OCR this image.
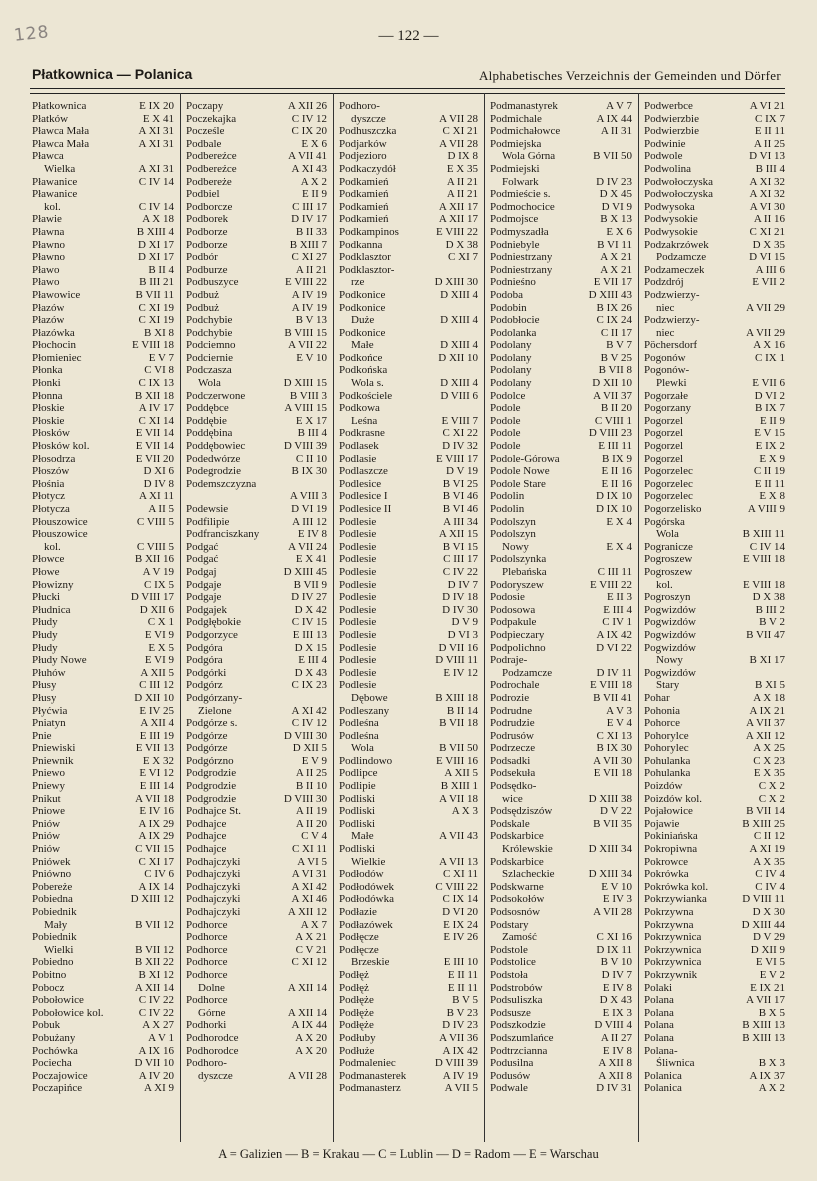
128	— 122 —
Płatkownica — Polanica	Alphabetisches Verzeichnis der Gemeinden und Dörfer
Płatkownica	E IX 20
Płatków	E X 41
Pławca Mała	A XI 31
Pławca Mała	A XI 31
Pławca
Wielka	A XI 31
Pławanice	C IV 14
Pławanice
kol.	C IV 14
Pławie	A X 18
Pławna	B XIII 4
Pławno	D XI 17
Pławno	D XI 17
Pławo	B II 4
Pławo	B III 21
Pławowice	B VII 11
Płazów	C XI 19
Płazów	C XI 19
Płazówka	B XI 8
Płochocin	E VIII 18
Płomieniec	E V 7
Płonka	C VI 8
Płonki	C IX 13
Płonna	B XII 18
Płoskie	A IV 17
Płoskie	C XI 14
Płosków	E VII 14
Płosków kol.	E VII 14
Płosodrza	E VII 20
Płoszów	D XI 6
Płośnia	D IV 8
Płotycz	A XI 11
Płotycza	A II 5
Płouszowice	C VIII 5
Płouszowice
kol.	C VIII 5
Płowce	B XII 16
Płowe	A V 19
Płowizny	C IX 5
Płucki	D VIII 17
Płudnica	D XII 6
Płudy	C X 1
Płudy	E VI 9
Płudy	E X 5
Płudy Nowe	E VI 9
Płuhów	A XII 5
Płusy	C III 12
Płusy	D XII 10
Płyćwia	E IV 25
Pniatyn	A XII 4
Pnie	E III 19
Pniewiski	E VII 13
Pniewnik	E X 32
Pniewo	E VI 12
Pniewy	E III 14
Pnikut	A VII 18
Pniowe	E IV 16
Pniów	A IX 29
Pniów	A IX 29
Pniów	C VII 15
Pniówek	C XI 17
Pniówno	C IV 6
Pobereże	A IX 14
Pobiedna	D XIII 12
Pobiednik
Mały	B VII 12
Pobiednik
Wielki	B VII 12
Pobiedno	B XII 22
Pobitno	B XI 12
Pobocz	A XII 14
Pobołowice	C IV 22
Pobołowice kol.	C IV 22
Pobuk	A X 27
Pobużany	A V 1
Pochówka	A IX 16
Pociecha	D VII 10
Poczajowice	A IV 20
Poczapińce	A XI 9
Poczapy	A XII 26
Poczekajka	C IV 12
Pocześle	C IX 20
Podbale	E X 6
Podbereźce	A VII 41
Podbereźce	A XI 43
Podbereże	A X 2
Podbiel	E II 9
Podborcze	C III 17
Podborek	D IV 17
Podborze	B II 33
Podborze	B XIII 7
Podbór	C XI 27
Podburze	A II 21
Podbuszyce	E VIII 22
Podbuż	A IV 19
Podbuż	A IV 19
Podchybie	B V 13
Podchybie	B VIII 15
Podciemno	A VII 22
Podciernie	E V 10
Podczasza
Wola	D XIII 15
Podczerwone	B VIII 3
Poddębce	A VIII 15
Poddębie	E X 17
Poddębina	B III 4
Poddębowiec	D VIII 39
Podedwórze	C II 10
Podegrodzie	B IX 30
Podemszczyzna
A VIII 3
Podewsie	D VI 19
Podfilipie	A III 12
Podfranciszkany	E IV 8
Podgać	A VII 24
Podgać	E X 41
Podgaj	D XIII 45
Podgaje	B VII 9
Podgaje	D IV 27
Podgajek	D X 42
Podgłębokie	C IV 15
Podgorzyce	E III 13
Podgóra	D X 15
Podgóra	E III 4
Podgórki	D X 43
Podgórz	C IX 23
Podgórzany-
Zielone	A XI 42
Podgórze s.	C IV 12
Podgórze	D VIII 30
Podgórze	D XII 5
Podgórzno	E V 9
Podgrodzie	A II 25
Podgrodzie	B II 10
Podgrodzie	D VIII 30
Podhajce St.	A II 19
Podhajce	A II 20
Podhajce	C V 4
Podhajce	C XI 11
Podhajczyki	A VI 5
Podhajczyki	A VI 31
Podhajczyki	A XI 42
Podhajczyki	A XI 46
Podhajczyki	A XII 12
Podhorce	A X 7
Podhorce	A X 21
Podhorce	C V 21
Podhorce	C XI 12
Podhorce
Dolne	A XII 14
Podhorce
Górne	A XII 14
Podhorki	A IX 44
Podhorodce	A X 20
Podhorodce	A X 20
Podhoro-
dyszcze	A VII 28
Podhoro-
dyszcze	A VII 28
Podhuszczka	C XI 21
Podjarków	A VII 28
Podjezioro	D IX 8
Podkaczydół	E X 35
Podkamień	A II 21
Podkamień	A II 21
Podkamień	A XII 17
Podkamień	A XII 17
Podkampinos	E VIII 22
Podkanna	D X 38
Podklasztor	C XI 7
Podklasztor-
rze	D XIII 30
Podkonice	D XIII 4
Podkonice
Duże	D XIII 4
Podkonice
Małe	D XIII 4
Podkońce	D XII 10
Podkońska
Wola s.	D XIII 4
Podkościele	D VIII 6
Podkowa
Leśna	E VIII 7
Podkrasne	C XI 22
Podlasek	D IV 32
Podlasie	E VIII 17
Podlaszcze	D V 19
Podlesice	B VI 25
Podlesice I	B VI 46
Podlesice II	B VI 46
Podlesie	A III 34
Podlesie	A XII 15
Podlesie	B VI 15
Podlesie	C III 17
Podlesie	C IV 22
Podlesie	D IV 7
Podlesie	D IV 18
Podlesie	D IV 30
Podlesie	D V 9
Podlesie	D VI 3
Podlesie	D VII 16
Podlesie	D VIII 11
Podlesie	E IV 12
Podlesie
Dębowe	B XIII 18
Podleszany	B II 14
Podleśna	B VII 18
Podleśna
Wola	B VII 50
Podlindowo	E VIII 16
Podlipce	A XII 5
Podlipie	B XIII 1
Podliski	A VII 18
Podliski	A X 3
Podliski
Małe	A VII 43
Podliski
Wielkie	A VII 13
Podłodów	C XI 11
Podłodówek	C VIII 22
Podłodówka	C IX 14
Podłazie	D VI 20
Podłazówek	E IX 24
Podłęcze	E IV 26
Podłęcze
Brzeskie	E III 10
Podłęż	E II 11
Podłęż	E II 11
Podłęże	B V 5
Podłęże	B V 23
Podłęże	D IV 23
Podłuby	A VII 36
Podłuże	A IX 42
Podmaleniec	D VIII 39
Podmanasterek	A IV 19
Podmanasterz	A VII 5
Podmanastyrek	A V 7
Podmichale	A IX 44
Podmichałowce	A II 31
Podmiejska
Wola Górna	B VII 50
Podmiejski
Folwark	D IV 23
Podmieście s.	D X 45
Podmochocice	D VI 9
Podmojsce	B X 13
Podmyszadła	E X 6
Podniebyle	B VI 11
Podniestrzany	A X 21
Podniestrzany	A X 21
Podnieśno	E VII 17
Podoba	D XIII 43
Podobin	B IX 26
Podobłocie	C IX 24
Podolanka	C II 17
Podolany	B V 7
Podolany	B V 25
Podolany	B VII 8
Podolany	D XII 10
Podolce	A VII 37
Podole	B II 20
Podole	C VIII 1
Podole	D VIII 23
Podole	E III 11
Podole-Górowa	B IX 9
Podole Nowe	E II 16
Podole Stare	E II 16
Podolin	D IX 10
Podolin	D IX 10
Podolszyn	E X 4
Podolszyn
Nowy	E X 4
Podolszynka
Plebańska	C III 11
Podoryszew	E VIII 22
Podosie	E II 3
Podosowa	E III 4
Podpakule	C IV 1
Podpieczary	A IX 42
Podpolichno	D VI 22
Podraje-
Podzamcze	D IV 11
Podrochale	E VIII 18
Podrozie	B VII 41
Podrudne	A V 3
Podrudzie	E V 4
Podrusów	C XI 13
Podrzecze	B IX 30
Podsadki	A VII 30
Podsekuła	E VII 18
Podsędko-
wice	D XIII 38
Podsędziszów	D V 22
Podskale	B VII 35
Podskarbice
Królewskie	D XIII 34
Podskarbice
Szlacheckie	D XIII 34
Podskwarne	E V 10
Podsokołów	E IV 3
Podsosnów	A VII 28
Podstary
Zamość	C XI 16
Podstole	D IX 11
Podstolice	B V 10
Podstoła	D IV 7
Podstrobów	E IV 8
Podsuliszka	D X 43
Podsusze	E IX 3
Podszkodzie	D VIII 4
Podszumlańce	A II 27
Podtrzcianna	E IV 8
Podusilna	A XII 8
Podusów	A XII 8
Podwale	D IV 31
Podwerbce	A VI 21
Podwierzbie	C IX 7
Podwierzbie	E II 11
Podwinie	A II 25
Podwole	D VI 13
Podwolina	B III 4
Podwołoczyska	A XI 32
Podwołoczyska	A XI 32
Podwysoka	A VI 30
Podwysokie	A II 16
Podwysokie	C XI 21
Podzakrzówek	D X 35
Podzamcze	D VI 15
Podzameczek	A III 6
Podzdrój	E VII 2
Podzwierzy-
niec	A VII 29
Podzwierzy-
niec	A VII 29
Pöchersdorf	A X 16
Pogonów	C IX 1
Pogonów-
Plewki	E VII 6
Pogorzałe	D VI 2
Pogorzany	B IX 7
Pogorzel	E II 9
Pogorzel	E V 15
Pogorzel	E IX 2
Pogorzel	E X 9
Pogorzelec	C II 19
Pogorzelec	E II 11
Pogorzelec	E X 8
Pogorzelisko	A VIII 9
Pogórska
Wola	B XIII 11
Pogranicze	C IV 14
Pogroszew	E VIII 18
Pogroszew
kol.	E VIII 18
Pogroszyn	D X 38
Pogwizdów	B III 2
Pogwizdów	B V 2
Pogwizdów	B VII 47
Pogwizdów
Nowy	B XI 17
Pogwizdów
Stary	B XI 5
Pohar	A X 18
Pohonia	A IX 21
Pohorce	A VII 37
Pohorylce	A XII 12
Pohorylec	A X 25
Pohulanka	C X 23
Pohulanka	E X 35
Poizdów	C X 2
Poizdów kol.	C X 2
Pojałowice	B VII 14
Pojawie	B XIII 25
Pokiniańska	C II 12
Pokropiwna	A XI 19
Pokrowce	A X 35
Pokrówka	C IV 4
Pokrówka kol.	C IV 4
Pokrzywianka	D VIII 11
Pokrzywna	D X 30
Pokrzywna	D XIII 44
Pokrzywnica	D V 29
Pokrzywnica	D XII 9
Pokrzywnica	E VI 5
Pokrzywnik	E V 2
Polaki	E IX 21
Polana	A VII 17
Polana	B X 5
Polana	B XIII 13
Polana	B XIII 13
Polana-
Śliwnica	B X 3
Polanica	A IX 37
Polanica	A X 2
A = Galizien — B = Krakau — C = Lublin — D = Radom — E = Warschau
